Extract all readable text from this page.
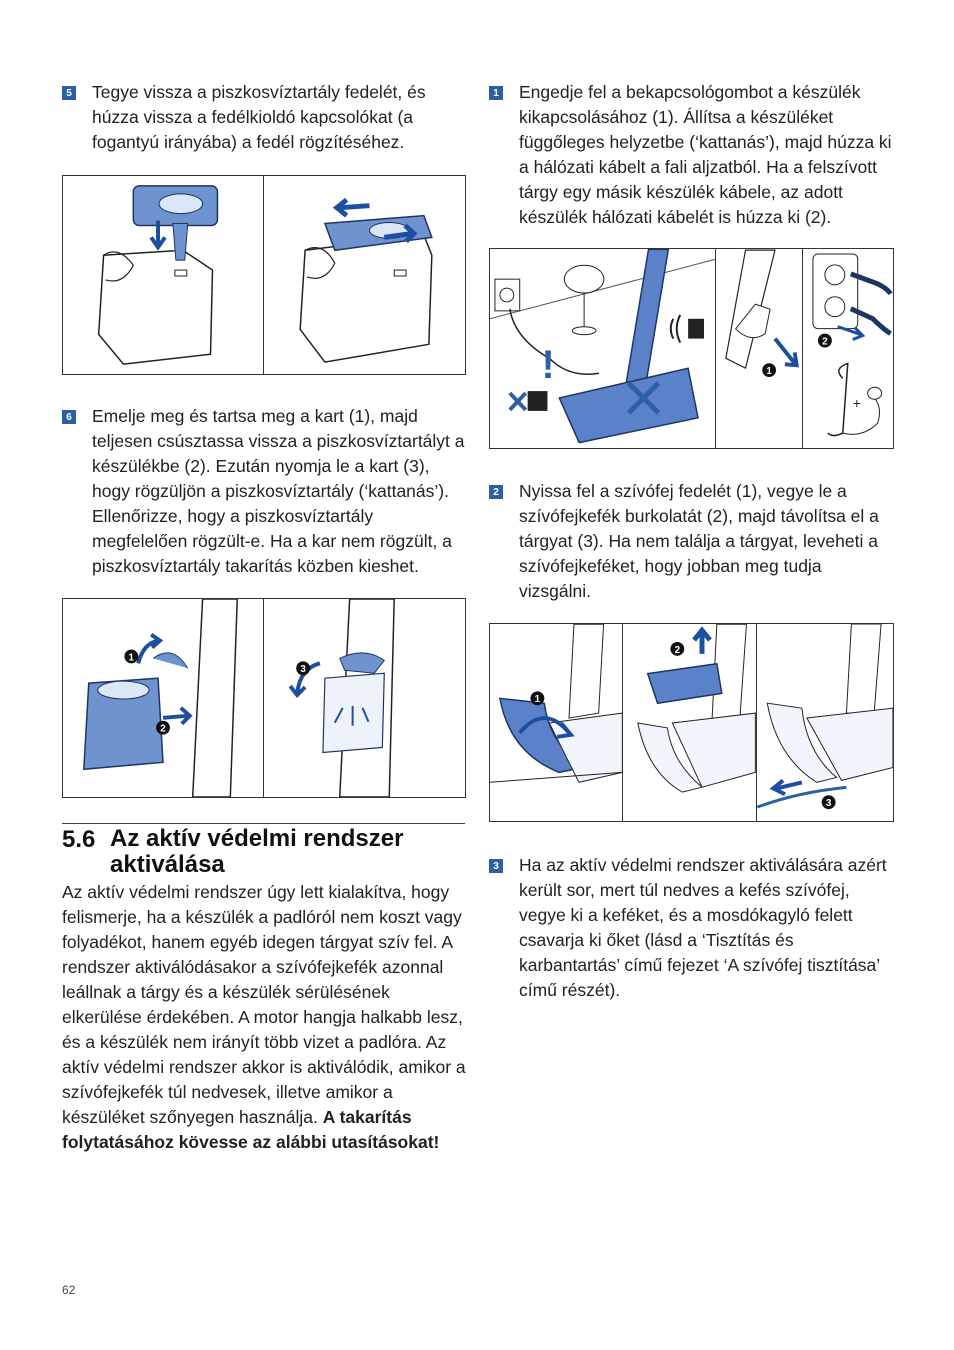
5 Tegye vissza a piszkosvíztartály fedelét, és húzza vissza a fedélkioldó kapcsolókat (a fogantyú irányába) a fedél rögzítéséhez.
6 Emelje meg és tartsa meg a kart (1), majd teljesen csúsztassa vissza a piszkosvíztartályt a készülékbe (2). Ezután nyomja le a kart (3), hogy rögzüljön a piszkosvíztartály (‘kattanás’). Ellenőrizze, hogy a piszkosvíztartály megfelelően rögzült-e. Ha a kar nem rögzült, a piszkosvíztartály takarítás közben kieshet.
1
2
3
5.6 Az aktív védelmi rendszer aktiválása
Az aktív védelmi rendszer úgy lett kialakítva, hogy felismerje, ha a készülék a padlóról nem koszt vagy folyadékot, hanem egyéb idegen tárgyat szív fel. A rendszer aktiválódásakor a szívófejkefék azonnal leállnak a tárgy és a készülék sérülésének elkerülése érdekében. A motor hangja halkabb lesz, és a készülék nem irányít több vizet a padlóra. Az aktív védelmi rendszer akkor is aktiválódik, amikor a szívófejkefék túl nedvesek, illetve amikor a készüléket szőnyegen használja. A takarítás folytatásához kövesse az alábbi utasításokat!
1 Engedje fel a bekapcsológombot a készülék kikapcsolásához (1). Állítsa a készüléket függőleges helyzetbe (‘kattanás’), majd húzza ki a hálózati kábelt a fali aljzatból. Ha a felszívott tárgy egy másik készülék kábele, az adott készülék hálózati kábelét is húzza ki (2).
!	1
2
+
2 Nyissa fel a szívófej fedelét (1), vegye le a szívófejkefék burkolatát (2), majd távolítsa el a tárgyat (3). Ha nem találja a tárgyat, leveheti a szívófejkeféket, hogy jobban meg tudja vizsgálni.
1
2
3
3 Ha az aktív védelmi rendszer aktiválására azért került sor, mert túl nedves a kefés szívófej, vegye ki a keféket, és a mosdókagyló felett csavarja ki őket (lásd a ‘Tisztítás és karbantartás’ című fejezet ‘A szívófej tisztítása’ című részét).
62
